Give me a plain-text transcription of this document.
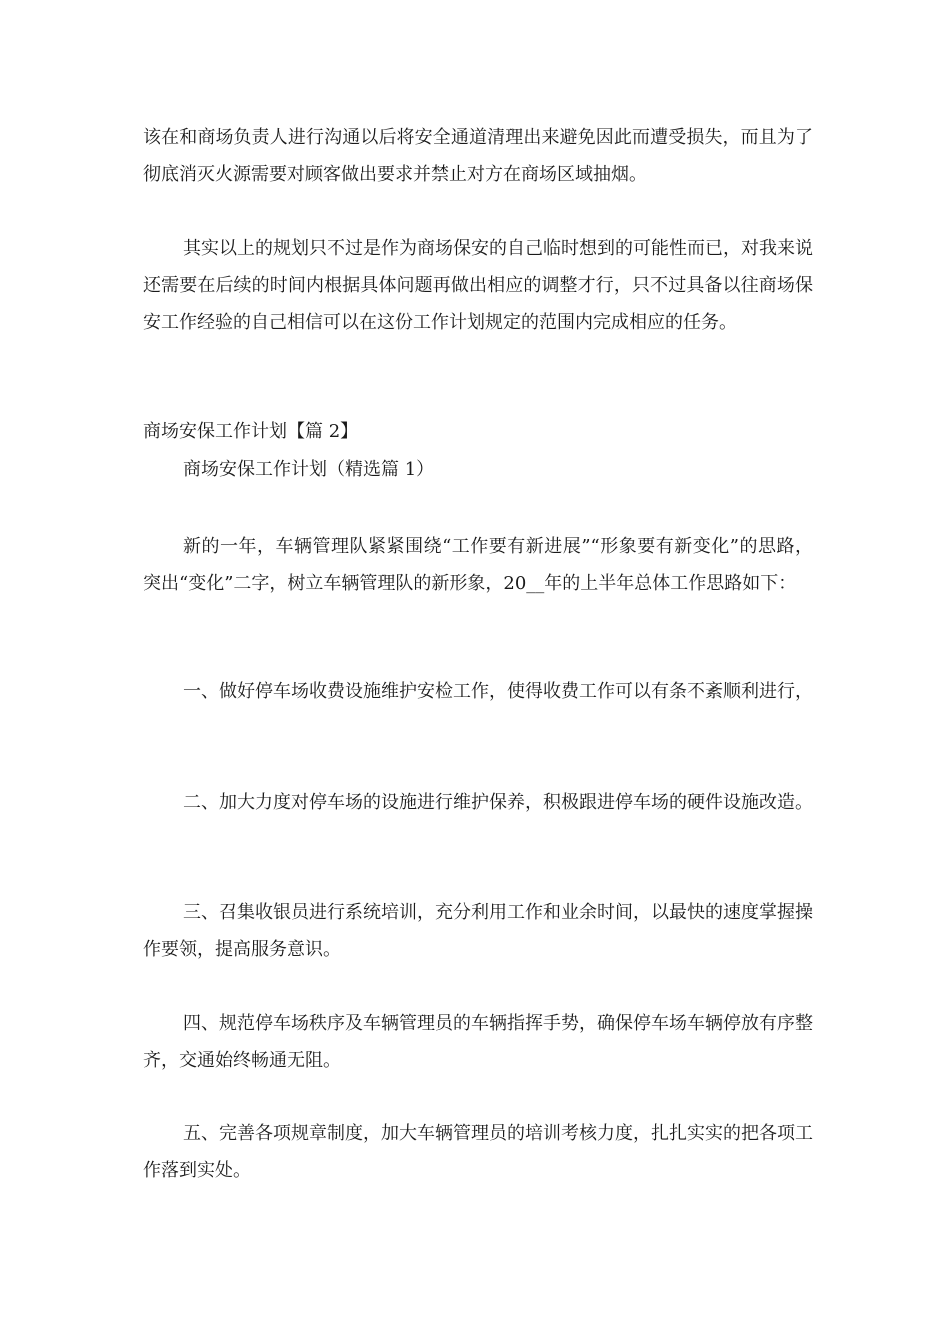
该在和商场负责人进行沟通以后将安全通道清理出来避免因此而遭受损失，而且为了彻底消灭火源需要对顾客做出要求并禁止对方在商场区域抽烟。

其实以上的规划只不过是作为商场保安的自己临时想到的可能性而已，对我来说还需要在后续的时间内根据具体问题再做出相应的调整才行，只不过具备以往商场保安工作经验的自己相信可以在这份工作计划规定的范围内完成相应的任务。

商场安保工作计划【篇 2】

商场安保工作计划（精选篇 1）

新的一年，车辆管理队紧紧围绕“工作要有新进展”“形象要有新变化”的思路，突出“变化”二字，树立车辆管理队的新形象，20__年的上半年总体工作思路如下：

一、做好停车场收费设施维护安检工作，使得收费工作可以有条不紊顺利进行，

二、加大力度对停车场的设施进行维护保养，积极跟进停车场的硬件设施改造。

三、召集收银员进行系统培训，充分利用工作和业余时间，以最快的速度掌握操作要领，提高服务意识。

四、规范停车场秩序及车辆管理员的车辆指挥手势，确保停车场车辆停放有序整齐，交通始终畅通无阻。

五、完善各项规章制度，加大车辆管理员的培训考核力度，扎扎实实的把各项工作落到实处。
